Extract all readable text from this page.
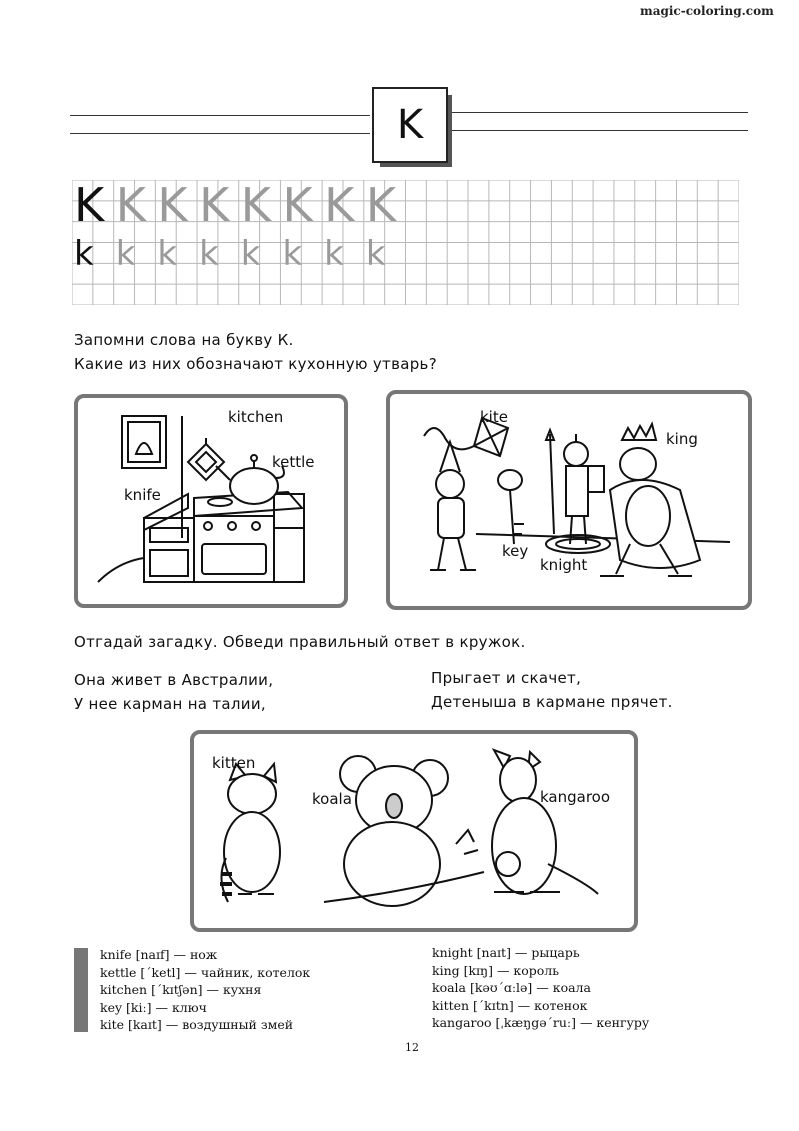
magic-coloring.com
K
K K K K K K K K
k k k k k k k k
Запомни слова на букву К.
Какие из них обозначают кухонную утварь?
kitchen
kettle
knife
kite
king
key
knight
Отгадай загадку. Обведи правильный ответ в кружок.
Она живет в Австралии,
У нее карман на талии,
Прыгает и скачет,
Детеныша в кармане прячет.
kitten
koala	kangaroo
knife [naɪf] — нож
kettle [ˊketl] — чайник, котелок
kitchen [ˊkɪtʃən] — кухня
key [kiː] — ключ
kite [kaɪt] — воздушный змей
knight [naɪt] — рыцарь
king [kɪŋ] — король
koala [kəʊˊɑːlə] — коала
kitten [ˊkɪtn] — котенок
kangaroo [ˌkæŋgəˊruː] — кенгуру
12
